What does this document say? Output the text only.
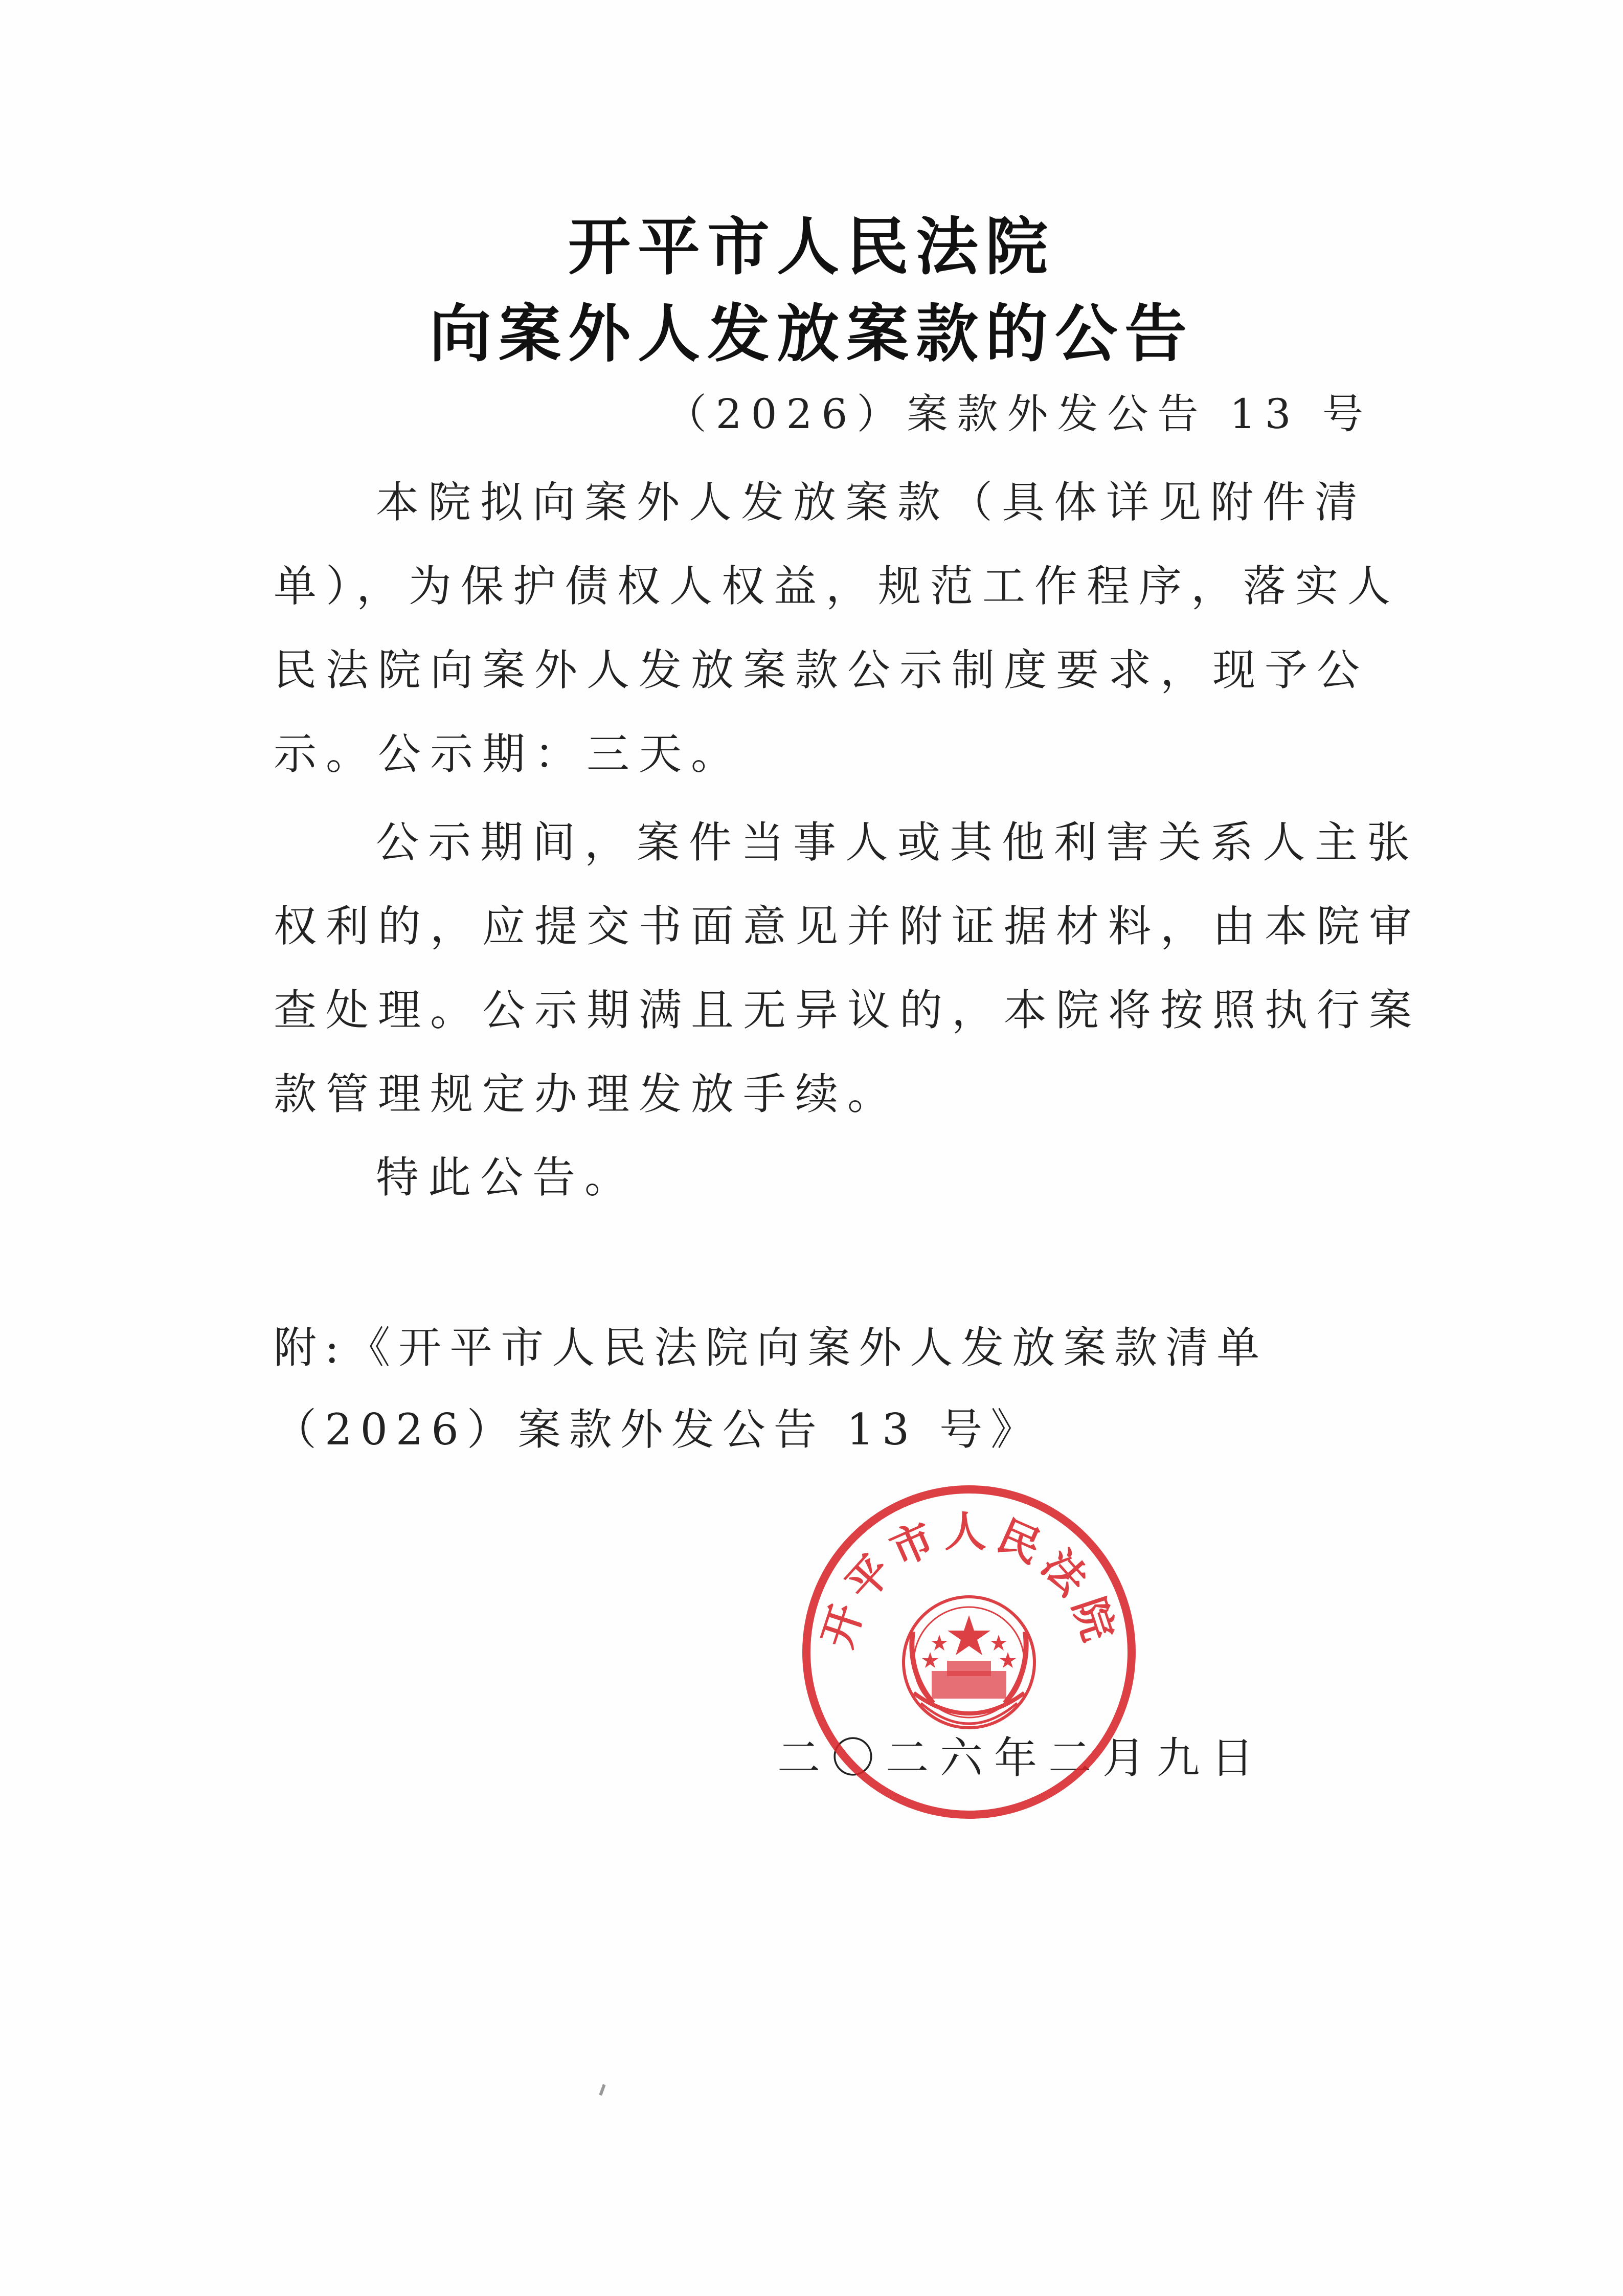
开平市人民法院
向案外人发放案款的公告
（2026）案款外发公告 13 号
本院拟向案外人发放案款（具体详见附件清单），为保护债权人权益，规范工作程序，落实人民法院向案外人发放案款公示制度要求，现予公示。公示期：三天。
公示期间，案件当事人或其他利害关系人主张权利的，应提交书面意见并附证据材料，由本院审查处理。公示期满且无异议的，本院将按照执行案款管理规定办理发放手续。
特此公告。
附:《开平市人民法院向案外人发放案款清单（2026）案款外发公告 13 号》
二〇二六年二月九日
开平市人民法院
